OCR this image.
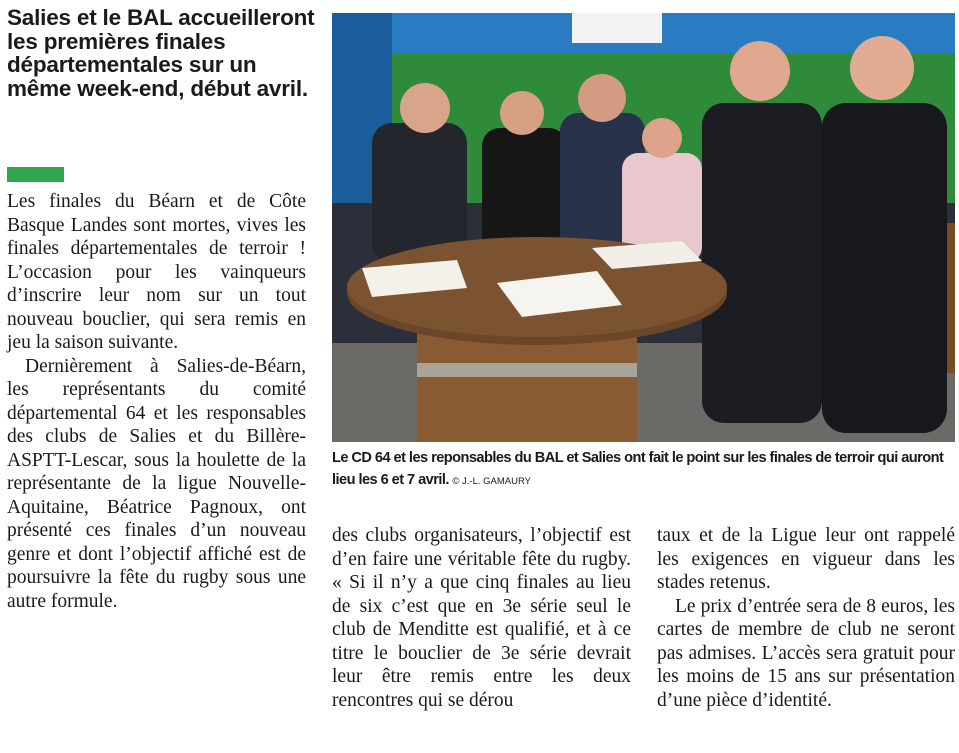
Salies et le BAL accueilleront les premières finales départementales sur un même week-end, début avril.

Les finales du Béarn et de Côte Basque Landes sont mortes, vives les finales départementales de terroir ! L’occasion pour les vainqueurs d’inscrire leur nom sur un tout nouveau bouclier, qui sera remis en jeu la saison suivante.

Dernièrement à Salies-de-Béarn, les représentants du comité départemental 64 et les responsables des clubs de Salies et du Billère-ASPTT-Lescar, sous la houlette de la représentante de la ligue Nouvelle-Aquitaine, Béatrice Pagnoux, ont présenté ces finales d’un nouveau genre et dont l’objectif affiché est de poursuivre la fête du rugby sous une autre formule.

Le CD 64 et les reponsables du BAL et Salies ont fait le point sur les finales de terroir qui auront lieu les 6 et 7 avril. © J.-L. GAMAURY

des clubs organisateurs, l’objectif est d’en faire une véritable fête du rugby. « Si il n’y a que cinq finales au lieu de six c’est que en 3e série seul le club de Menditte est qualifié, et à ce titre le bouclier de 3e série devrait leur être remis entre les deux rencontres qui se dérou

taux et de la Ligue leur ont rappelé les exigences en vigueur dans les stades retenus.

Le prix d’entrée sera de 8 euros, les cartes de membre de club ne seront pas admises. L’accès sera gratuit pour les moins de 15 ans sur présentation d’une pièce d’identité.
